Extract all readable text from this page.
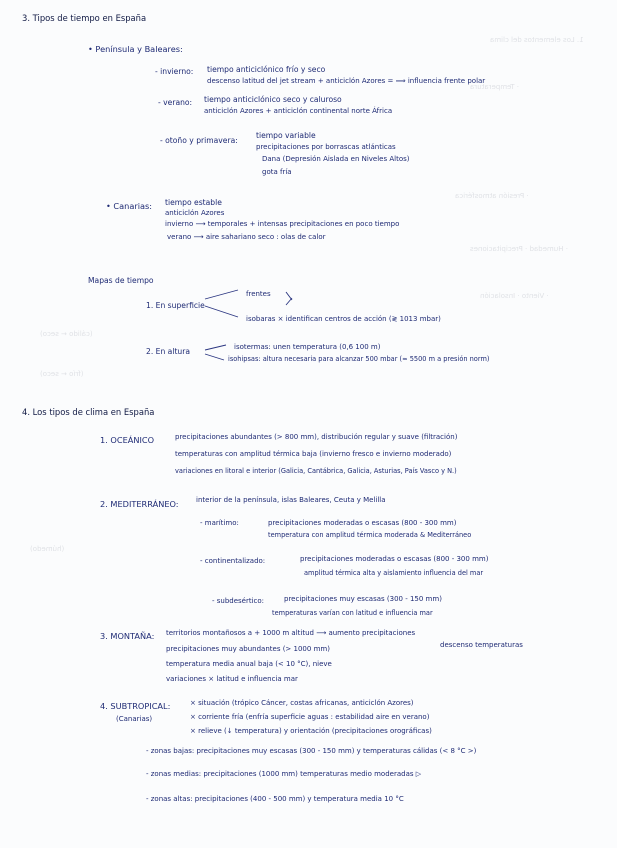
1. Los elementos del clima
· Temperatura
· Presión atmosférica
· Humedad · Precipitaciones
· Viento · Insolación
(cálido ← seco)
(frío ← seco)
(húmedo)
3. Tipos de tiempo en España
• Península y Baleares:
- invierno: tiempo anticiclónico frío y seco
descenso latitud del jet stream + anticiclón Azores = ⟹ influencia frente polar
- verano: tiempo anticiclónico seco y caluroso
anticiclón Azores + anticiclón continental norte África
- otoño y primavera:
tiempo variable
precipitaciones por borrascas atlánticas
Dana (Depresión Aislada en Niveles Altos)
gota fría
• Canarias: tiempo estable
anticiclón Azores
invierno ⟶ temporales + intensas precipitaciones en poco tiempo
verano ⟶ aire sahariano seco : olas de calor
Mapas de tiempo
1. En superficie
frentes
isobaras × identifican centros de acción (≷ 1013 mbar)
2. En altura	isotermas: unen temperatura (0,6 100 m)
isohipsas: altura necesaria para alcanzar 500 mbar (≈ 5500 m a presión norm)
4. Los tipos de clima en España
1. OCEÁNICO	precipitaciones abundantes (> 800 mm), distribución regular y suave (filtración)
temperaturas con amplitud térmica baja (invierno fresco e invierno moderado)
variaciones en litoral e interior (Galicia, Cantábrica, Galicia, Asturias, País Vasco y N.)
2. MEDITERRÁNEO: interior de la península, islas Baleares, Ceuta y Melilla
- marítimo:	precipitaciones moderadas o escasas (800 - 300 mm)
temperatura con amplitud térmica moderada & Mediterráneo
- continentalizado:	precipitaciones moderadas o escasas (800 - 300 mm)
amplitud térmica alta y aislamiento influencia del mar
- subdesértico:	precipitaciones muy escasas (300 - 150 mm)
temperaturas varían con latitud e influencia mar
3. MONTAÑA: territorios montañosos a + 1000 m altitud ⟶ aumento precipitaciones
descenso temperaturas
precipitaciones muy abundantes (> 1000 mm)
temperatura media anual baja (< 10 °C), nieve
variaciones × latitud e influencia mar
4. SUBTROPICAL:
(Canarias)
× situación (trópico Cáncer, costas africanas, anticiclón Azores)
× corriente fría (enfría superficie aguas : estabilidad aire en verano)
× relieve (↓ temperatura) y orientación (precipitaciones orográficas)
- zonas bajas: precipitaciones muy escasas (300 - 150 mm) y temperaturas cálidas (< 8 °C >)
- zonas medias: precipitaciones (1000 mm) temperaturas medio moderadas ▷
- zonas altas: precipitaciones (400 - 500 mm) y temperatura media 10 °C
